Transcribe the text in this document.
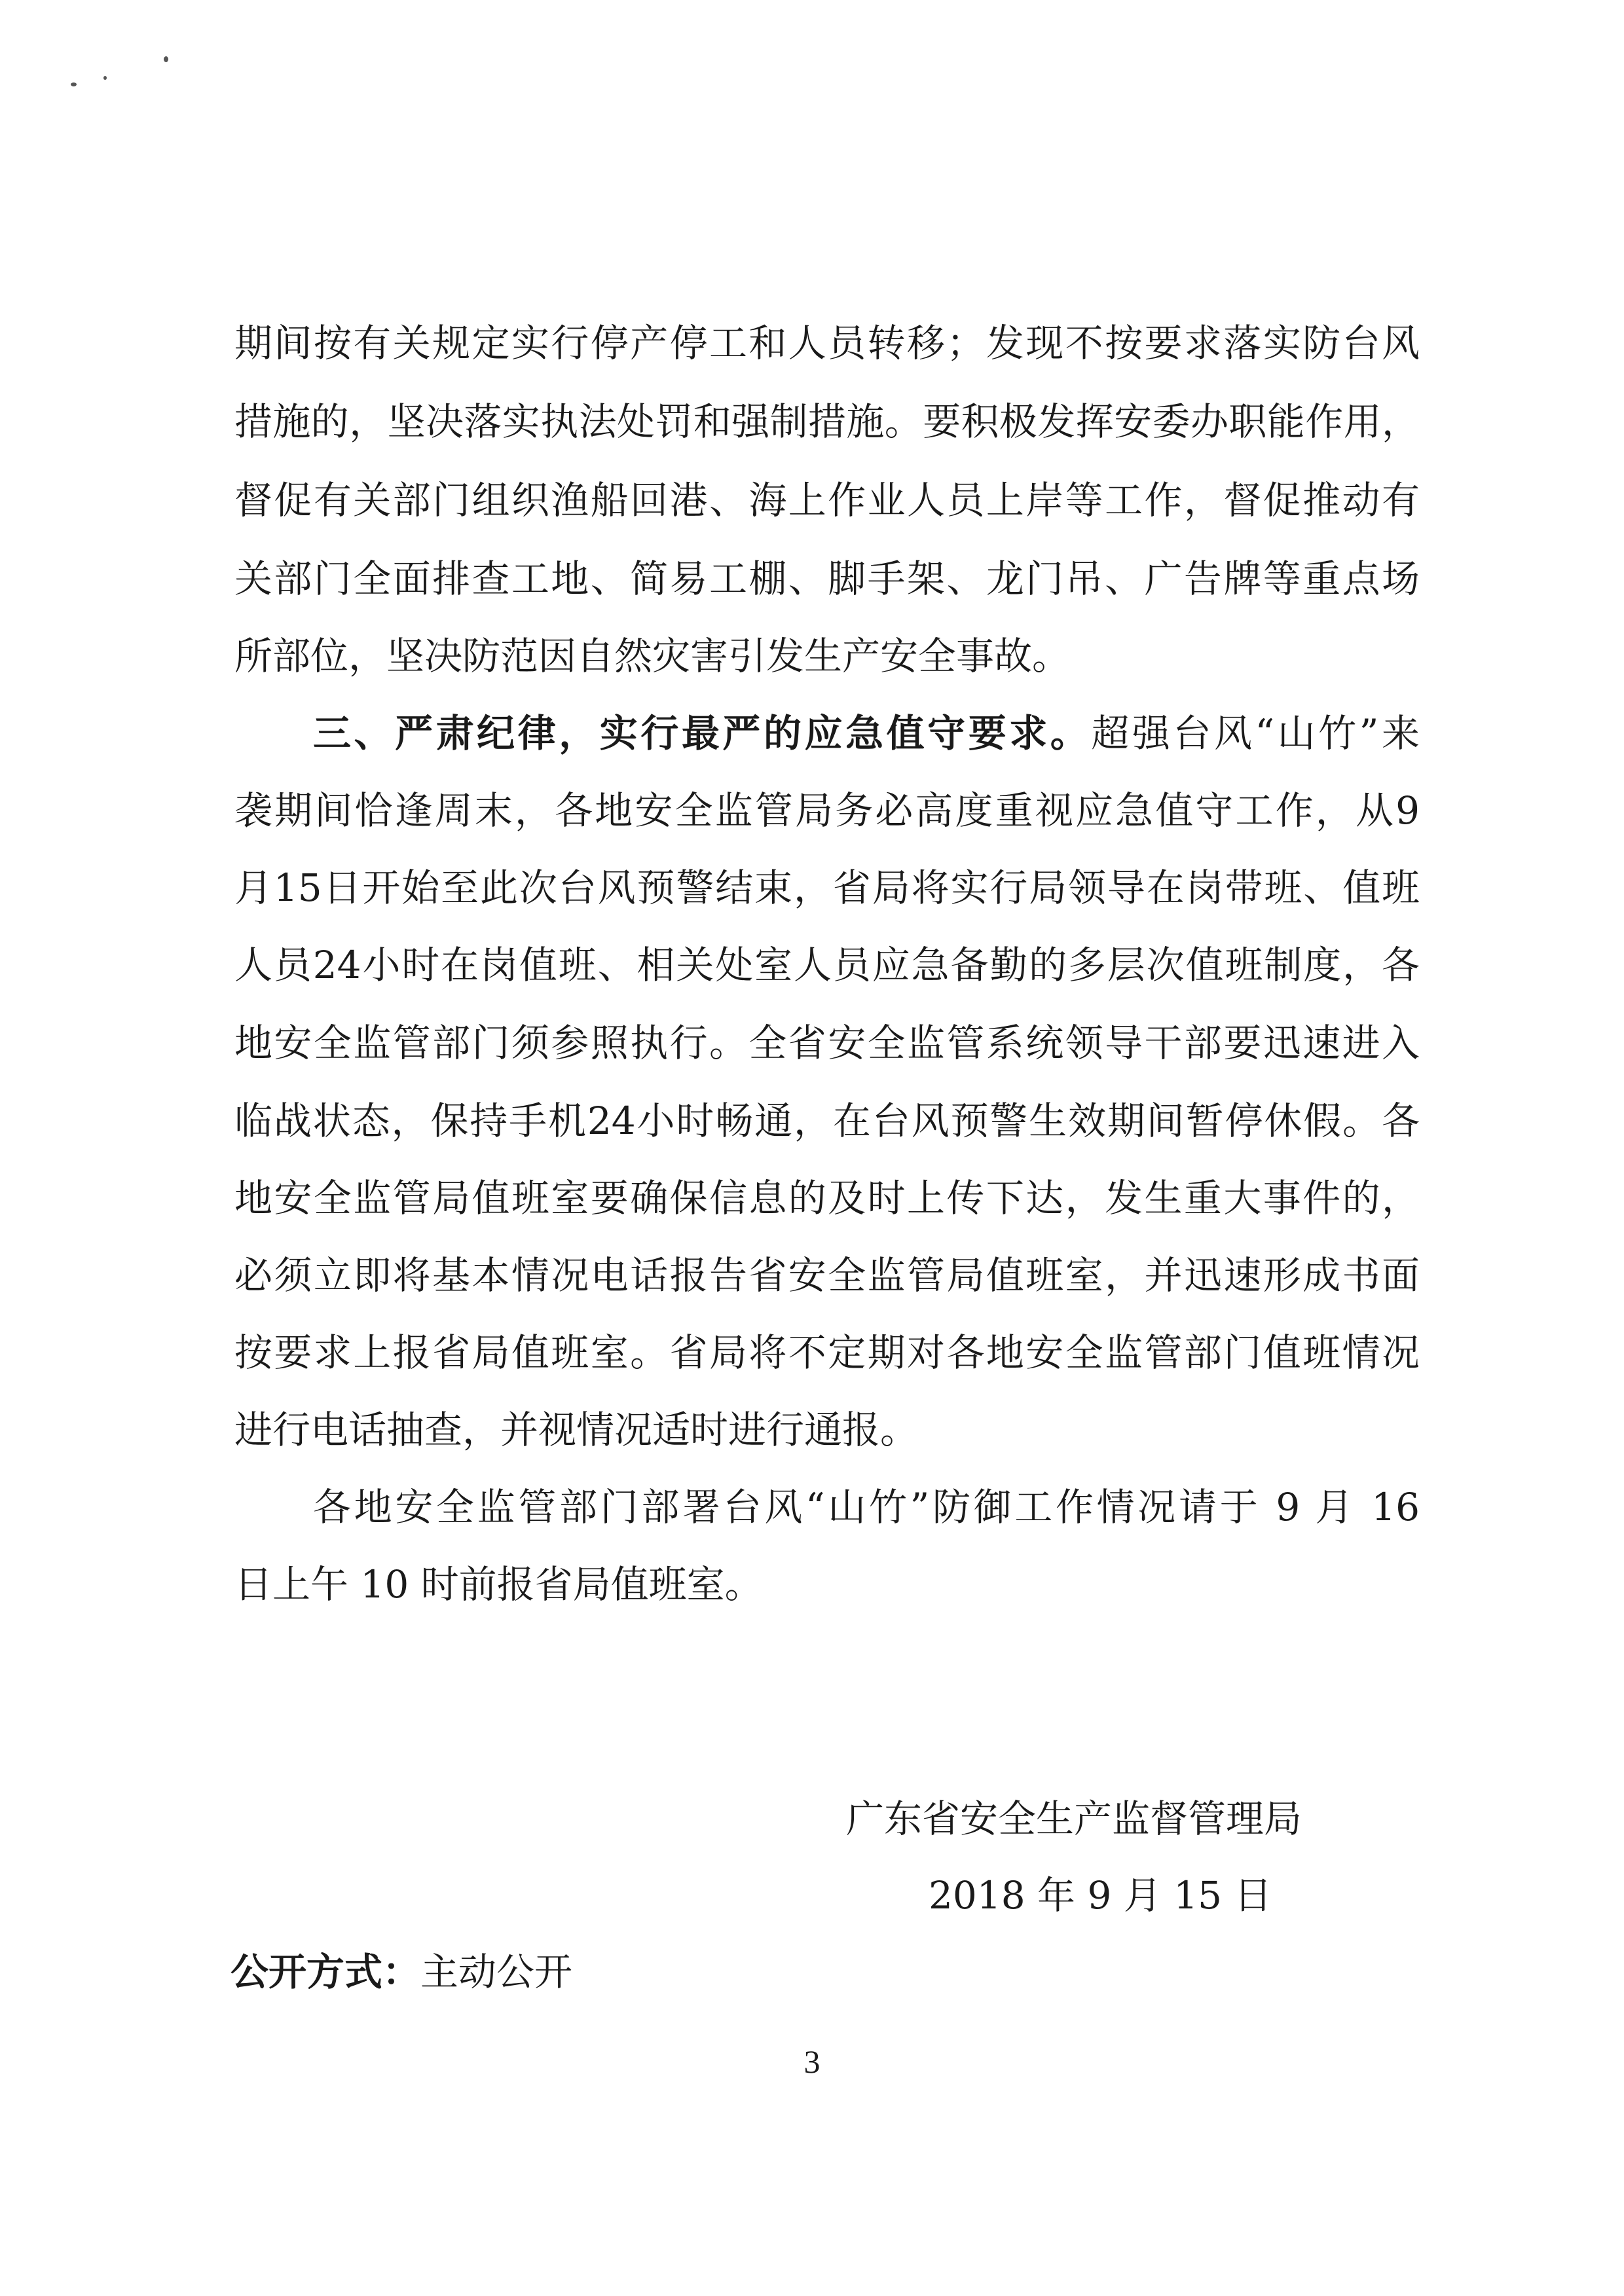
期间按有关规定实行停产停工和人员转移；发现不按要求落实防台风
措施的，坚决落实执法处罚和强制措施。要积极发挥安委办职能作用，
督促有关部门组织渔船回港、海上作业人员上岸等工作，督促推动有
关部门全面排查工地、简易工棚、脚手架、龙门吊、广告牌等重点场
所部位，坚决防范因自然灾害引发生产安全事故。
三、严肃纪律，实行最严的应急值守要求。超强台风“山竹”来
袭期间恰逢周末，各地安全监管局务必高度重视应急值守工作，从9
月15日开始至此次台风预警结束，省局将实行局领导在岗带班、值班
人员24小时在岗值班、相关处室人员应急备勤的多层次值班制度，各
地安全监管部门须参照执行。全省安全监管系统领导干部要迅速进入
临战状态，保持手机24小时畅通，在台风预警生效期间暂停休假。各
地安全监管局值班室要确保信息的及时上传下达，发生重大事件的，
必须立即将基本情况电话报告省安全监管局值班室，并迅速形成书面
按要求上报省局值班室。省局将不定期对各地安全监管部门值班情况
进行电话抽查，并视情况适时进行通报。
各地安全监管部门部署台风“山竹”防御工作情况请于 9 月 16
日上午 10 时前报省局值班室。
广东省安全生产监督管理局
2018 年 9 月 15 日
公开方式：主动公开
3
